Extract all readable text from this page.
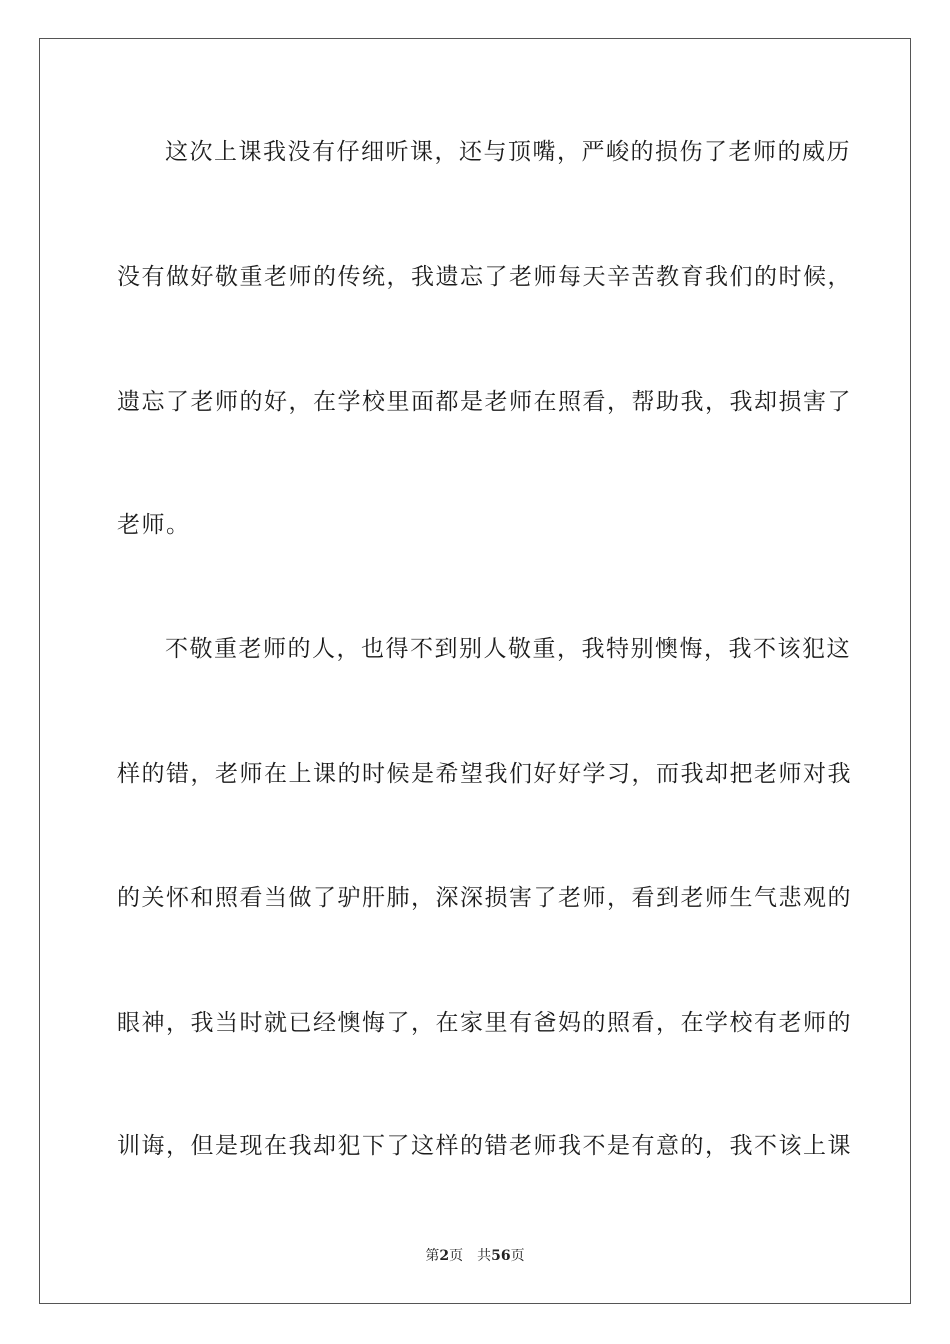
这次上课我没有仔细听课，还与顶嘴，严峻的损伤了老师的威历
没有做好敬重老师的传统，我遗忘了老师每天辛苦教育我们的时候，
遗忘了老师的好，在学校里面都是老师在照看，帮助我，我却损害了
老师。
不敬重老师的人，也得不到别人敬重，我特别懊悔，我不该犯这
样的错，老师在上课的时候是希望我们好好学习，而我却把老师对我
的关怀和照看当做了驴肝肺，深深损害了老师，看到老师生气悲观的
眼神，我当时就已经懊悔了，在家里有爸妈的照看，在学校有老师的
训诲，但是现在我却犯下了这样的错老师我不是有意的，我不该上课
第2页 共56页
